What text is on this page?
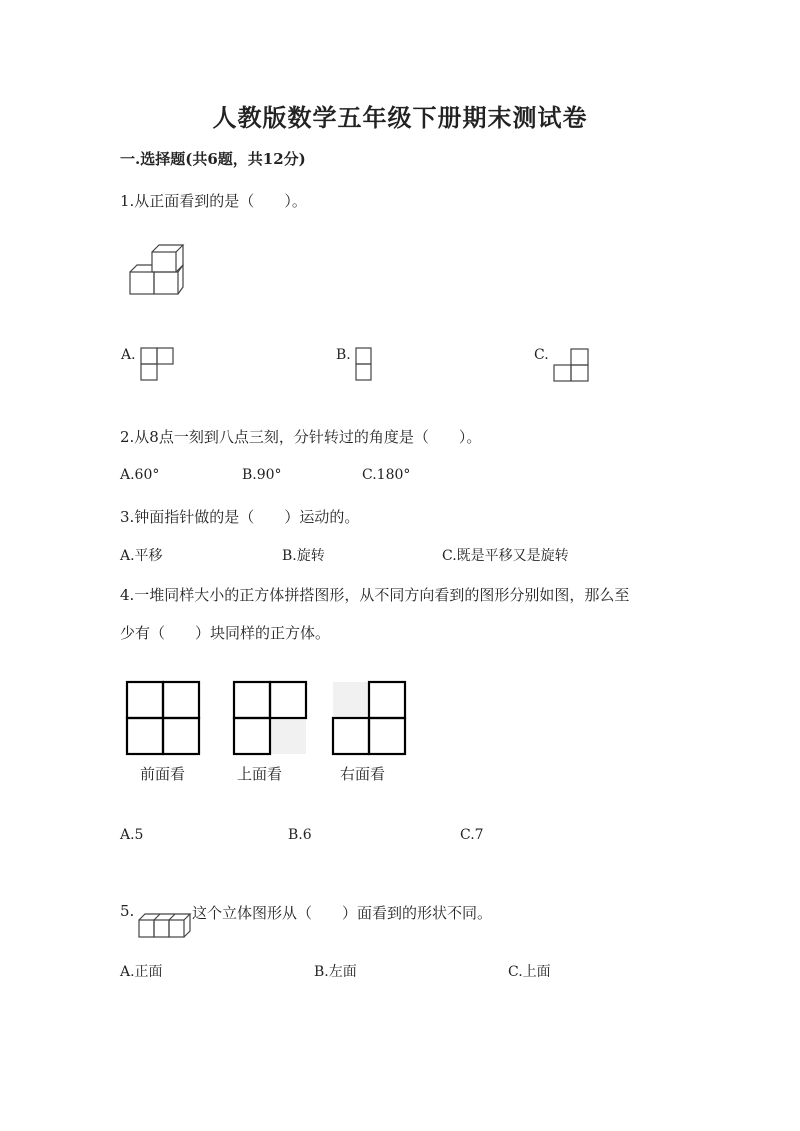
人教版数学五年级下册期末测试卷
一.选择题(共6题，共12分)
1.从正面看到的是（　　）。
A.	B.	C.
2.从8点一刻到八点三刻，分针转过的角度是（　　）。
A.60°	B.90°	C.180°
3.钟面指针做的是（　　）运动的。
A.平移	B.旋转	C.既是平移又是旋转
4.一堆同样大小的正方体拼搭图形，从不同方向看到的图形分别如图，那么至
少有（　　）块同样的正方体。
前面看	上面看	右面看
A.5	B.6	C.7
5.	这个立体图形从（　　）面看到的形状不同。
A.正面	B.左面	C.上面
